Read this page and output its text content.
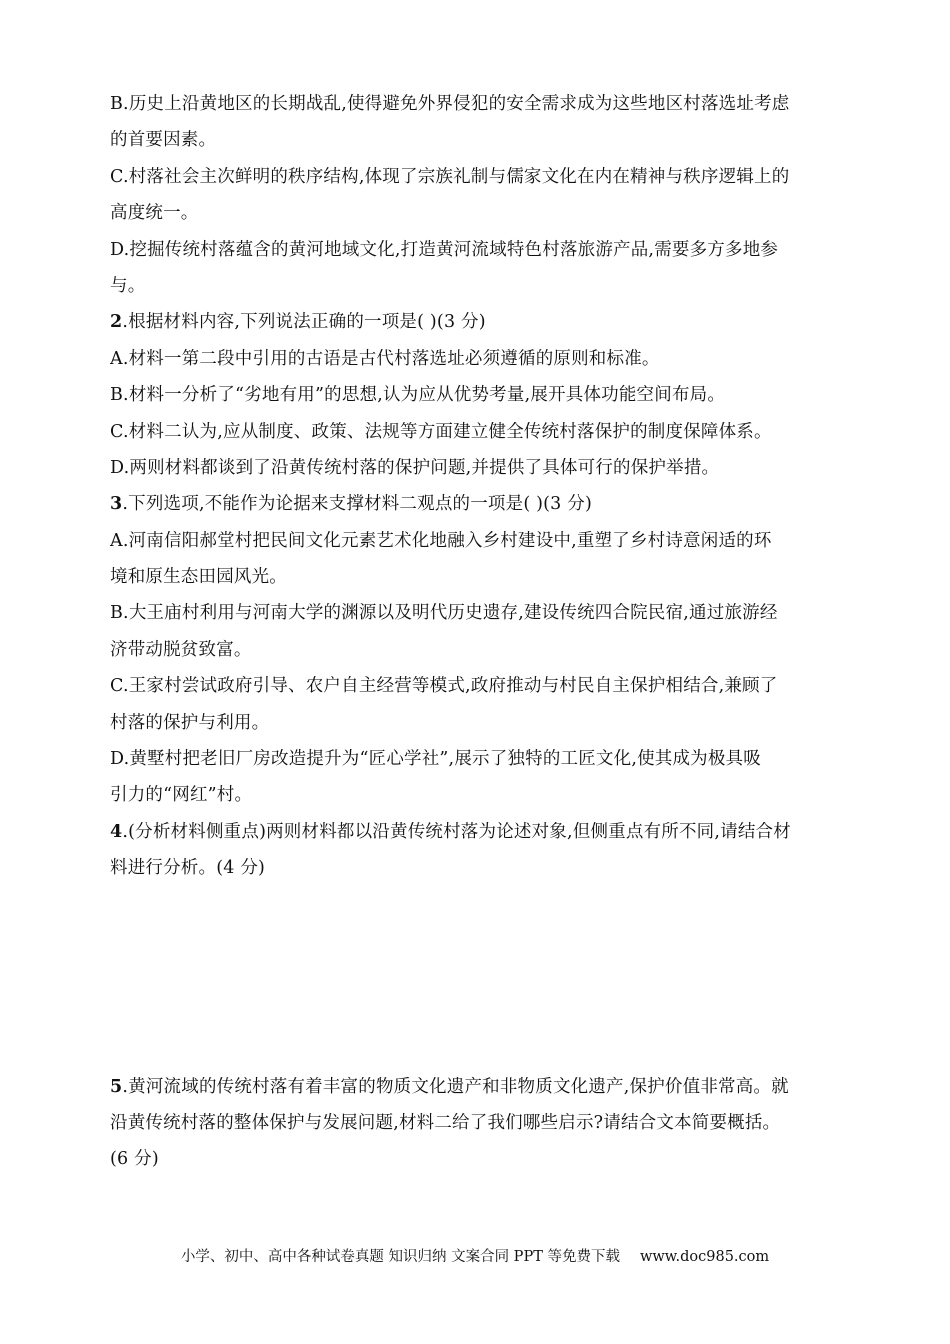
B.历史上沿黄地区的长期战乱,使得避免外界侵犯的安全需求成为这些地区村落选址考虑
的首要因素。
C.村落社会主次鲜明的秩序结构,体现了宗族礼制与儒家文化在内在精神与秩序逻辑上的
高度统一。
D.挖掘传统村落蕴含的黄河地域文化,打造黄河流域特色村落旅游产品,需要多方多地参
与。
2.根据材料内容,下列说法正确的一项是( )(3 分)
A.材料一第二段中引用的古语是古代村落选址必须遵循的原则和标准。
B.材料一分析了“劣地有用”的思想,认为应从优势考量,展开具体功能空间布局。
C.材料二认为,应从制度、政策、法规等方面建立健全传统村落保护的制度保障体系。
D.两则材料都谈到了沿黄传统村落的保护问题,并提供了具体可行的保护举措。
3.下列选项,不能作为论据来支撑材料二观点的一项是( )(3 分)
A.河南信阳郝堂村把民间文化元素艺术化地融入乡村建设中,重塑了乡村诗意闲适的环
境和原生态田园风光。
B.大王庙村利用与河南大学的渊源以及明代历史遗存,建设传统四合院民宿,通过旅游经
济带动脱贫致富。
C.王家村尝试政府引导、农户自主经营等模式,政府推动与村民自主保护相结合,兼顾了
村落的保护与利用。
D.黄墅村把老旧厂房改造提升为“匠心学社”,展示了独特的工匠文化,使其成为极具吸
引力的“网红”村。
4.(分析材料侧重点)两则材料都以沿黄传统村落为论述对象,但侧重点有所不同,请结合材
料进行分析。(4 分)
5.黄河流域的传统村落有着丰富的物质文化遗产和非物质文化遗产,保护价值非常高。就
沿黄传统村落的整体保护与发展问题,材料二给了我们哪些启示?请结合文本简要概括。
(6 分)
小学、初中、高中各种试卷真题 知识归纳 文案合同 PPT 等免费下载 www.doc985.com
